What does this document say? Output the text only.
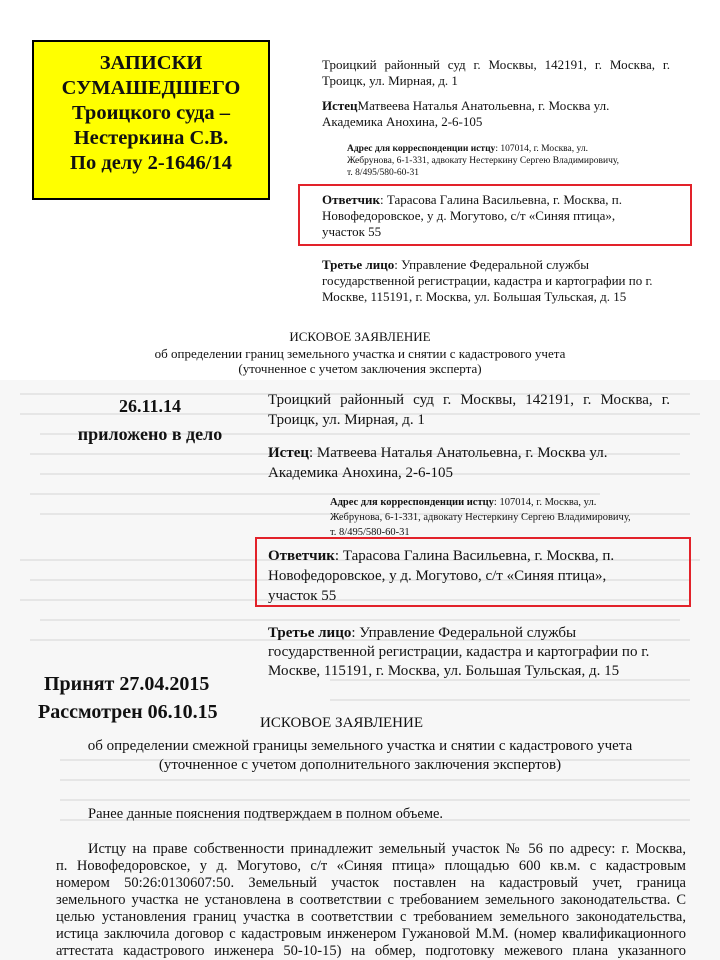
ЗАПИСКИ
СУМАШЕДШЕГО
Троицкого суда –
Нестеркина С.В.
По делу 2-1646/14
Троицкий районный суд г. Москвы, 142191, г. Москва, г.
Троицк, ул. Мирная, д. 1
ИстецМатвеева Наталья Анатольевна, г. Москва ул.
Академика Анохина, 2-6-105
Адрес для корреспонденции истцу: 107014, г. Москва, ул.
Жебрунова, 6-1-331, адвокату Нестеркину Сергею Владимировичу,
т. 8/495/580-60-31
Ответчик: Тарасова Галина Васильевна, г. Москва, п.
Новофедоровское, у д. Могутово, с/т «Синяя птица»,
участок 55
Третье лицо: Управление Федеральной службы
государственной регистрации, кадастра и картографии по г.
Москве, 115191, г. Москва, ул. Большая Тульская, д. 15
ИСКОВОЕ ЗАЯВЛЕНИЕ
об определении границ земельного участка и снятии с кадастрового учета
(уточненное с учетом заключения эксперта)
26.11.14
приложено в дело
Принят 27.04.2015
Рассмотрен 06.10.15
Троицкий районный суд г. Москвы, 142191, г. Москва, г.
Троицк, ул. Мирная, д. 1
Истец: Матвеева Наталья Анатольевна, г. Москва ул.
Академика Анохина, 2-6-105
Адрес для корреспонденции истцу: 107014, г. Москва, ул.
Жебрунова, 6-1-331, адвокату Нестеркину Сергею Владимировичу,
т. 8/495/580-60-31
Ответчик: Тарасова Галина Васильевна, г. Москва, п.
Новофедоровское, у д. Могутово, с/т «Синяя птица»,
участок 55
Третье лицо: Управление Федеральной службы
государственной регистрации, кадастра и картографии по г.
Москве, 115191, г. Москва, ул. Большая Тульская, д. 15
ИСКОВОЕ ЗАЯВЛЕНИЕ
об определении смежной границы земельного участка и снятии с кадастрового учета
(уточненное с учетом дополнительного заключения экспертов)
Ранее данные пояснения подтверждаем в полном объеме.
Истцу на праве собственности принадлежит земельный участок № 56 по адресу: г. Москва,
п. Новофедоровское, у д. Могутово, с/т «Синяя птица» площадью 600 кв.м. с кадастровым
номером 50:26:0130607:50. Земельный участок поставлен на кадастровый учет, граница
земельного участка не установлена в соответствии с требованием земельного законодательства. С
целью установления границ участка в соответствии с требованием земельного законодательства,
истица заключила договор с кадастровым инженером Гужановой М.М. (номер квалификационного
аттестата кадастрового инженера 50-10-15) на обмер, подготовку межевого плана указанного
